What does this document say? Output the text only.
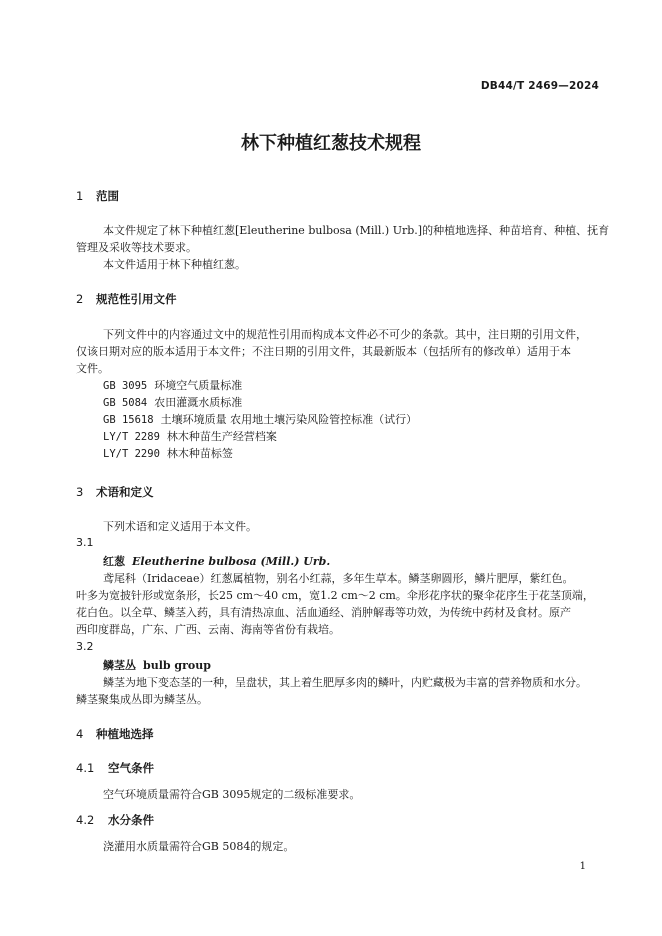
DB44/T 2469—2024
林下种植红葱技术规程
1 范围
本文件规定了林下种植红葱[Eleutherine bulbosa (Mill.) Urb.]的种植地选择、种苗培育、种植、抚育
管理及采收等技术要求。
本文件适用于林下种植红葱。
2 规范性引用文件
下列文件中的内容通过文中的规范性引用而构成本文件必不可少的条款。其中，注日期的引用文件，
仅该日期对应的版本适用于本文件；不注日期的引用文件，其最新版本（包括所有的修改单）适用于本
文件。
GB 3095 环境空气质量标准
GB 5084 农田灌溉水质标准
GB 15618 土壤环境质量 农用地土壤污染风险管控标准（试行）
LY/T 2289 林木种苗生产经营档案
LY/T 2290 林木种苗标签
3 术语和定义
下列术语和定义适用于本文件。
3.1
红葱 Eleutherine bulbosa (Mill.) Urb.
鸢尾科（Iridaceae）红葱属植物，别名小红蒜，多年生草本。鳞茎卵圆形，鳞片肥厚，紫红色。
叶多为宽披针形或宽条形，长25 cm～40 cm，宽1.2 cm～2 cm。伞形花序状的聚伞花序生于花茎顶端，
花白色。以全草、鳞茎入药，具有清热凉血、活血通经、消肿解毒等功效，为传统中药材及食材。原产
西印度群岛，广东、广西、云南、海南等省份有栽培。
3.2
鳞茎丛 bulb group
鳞茎为地下变态茎的一种，呈盘状，其上着生肥厚多肉的鳞叶，内贮藏极为丰富的营养物质和水分。
鳞茎聚集成丛即为鳞茎丛。
4 种植地选择
4.1 空气条件
空气环境质量需符合GB 3095规定的二级标准要求。
4.2 水分条件
浇灌用水质量需符合GB 5084的规定。
1
